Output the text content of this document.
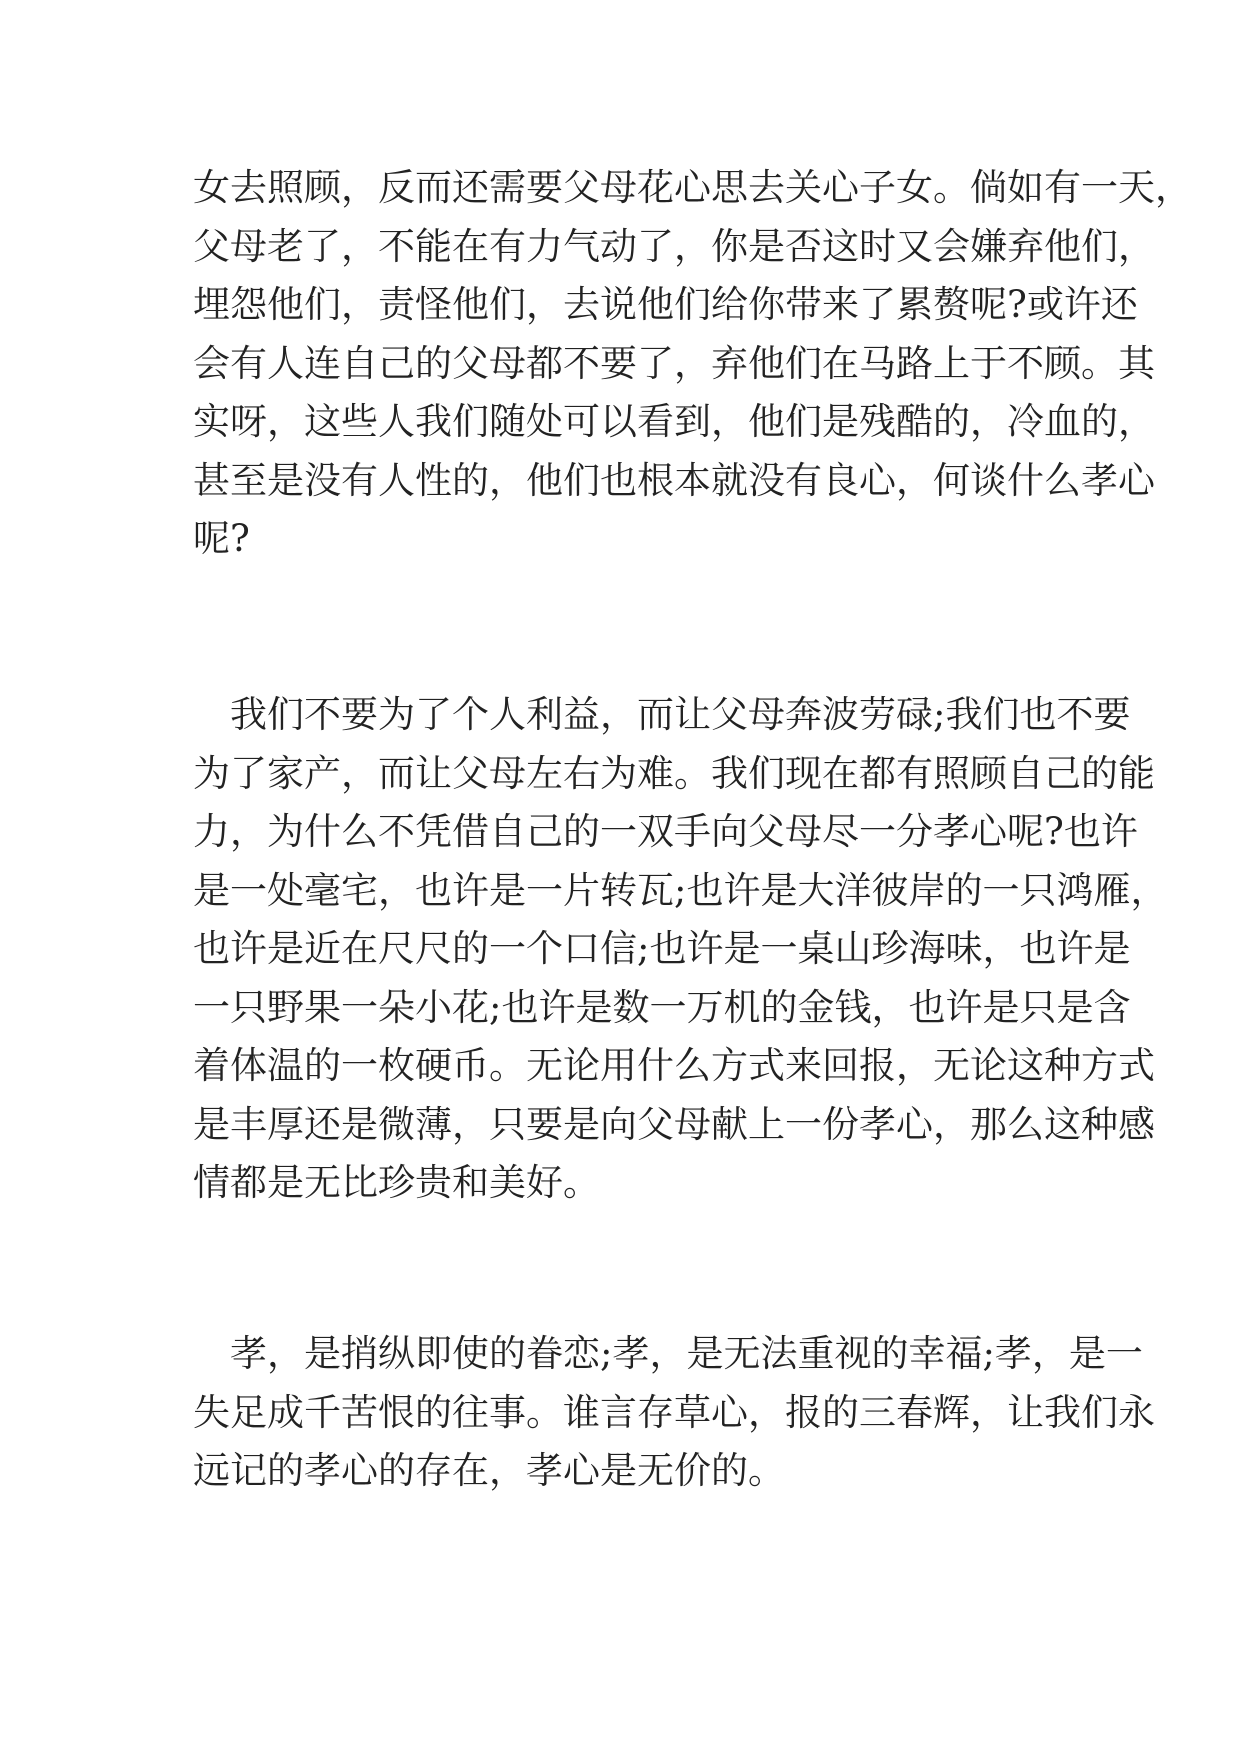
女去照顾，反而还需要父母花心思去关心子女。倘如有一天，
父母老了，不能在有力气动了，你是否这时又会嫌弃他们，
埋怨他们，责怪他们，去说他们给你带来了累赘呢?或许还
会有人连自己的父母都不要了，弃他们在马路上于不顾。其
实呀，这些人我们随处可以看到，他们是残酷的，冷血的，
甚至是没有人性的，他们也根本就没有良心，何谈什么孝心
呢?
　我们不要为了个人利益，而让父母奔波劳碌;我们也不要
为了家产，而让父母左右为难。我们现在都有照顾自己的能
力，为什么不凭借自己的一双手向父母尽一分孝心呢?也许
是一处毫宅，也许是一片转瓦;也许是大洋彼岸的一只鸿雁，
也许是近在尺尺的一个口信;也许是一桌山珍海味，也许是
一只野果一朵小花;也许是数一万机的金钱，也许是只是含
着体温的一枚硬币。无论用什么方式来回报，无论这种方式
是丰厚还是微薄，只要是向父母献上一份孝心，那么这种感
情都是无比珍贵和美好。
　孝，是捎纵即使的眷恋;孝，是无法重视的幸福;孝，是一
失足成千苦恨的往事。谁言存草心，报的三春辉，让我们永
远记的孝心的存在，孝心是无价的。
